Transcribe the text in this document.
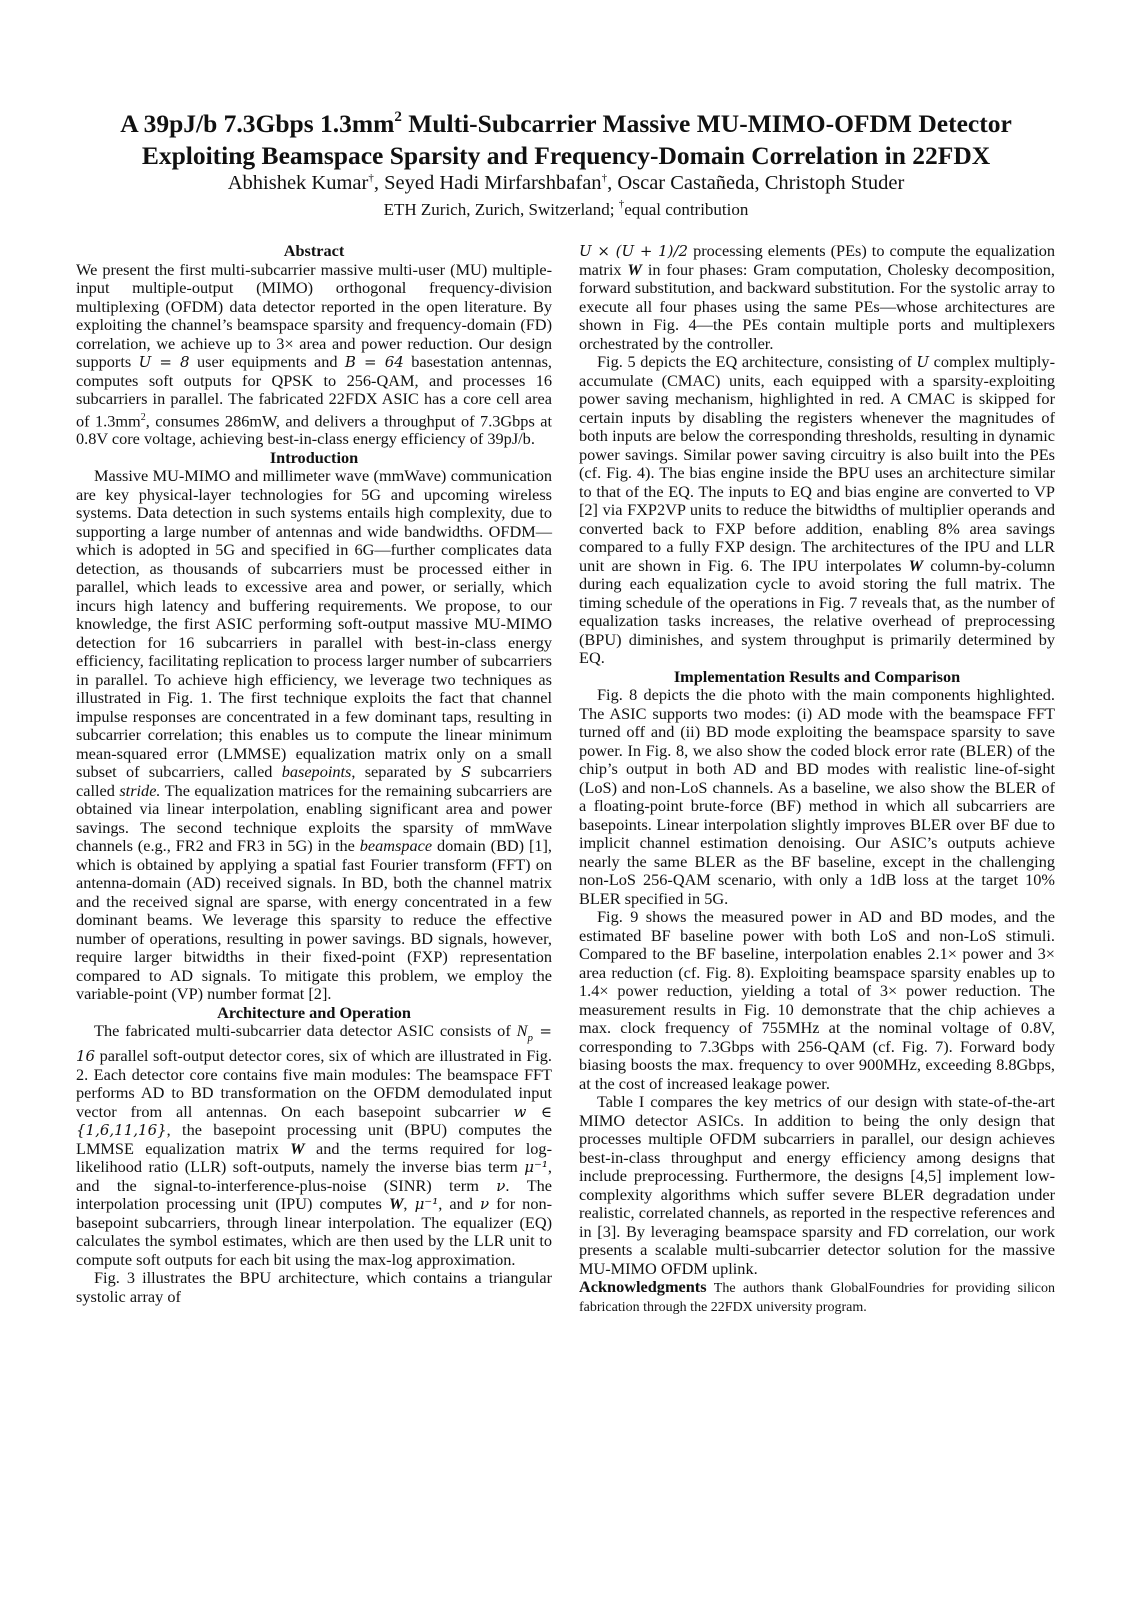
A 39pJ/b 7.3Gbps $1.3mm^2$ Multi-Subcarrier Massive MU-MIMO-OFDM Detector
Exploiting Beamspace Sparsity and Frequency-Domain Correlation in 22FDX
Abhishek Kumar†, Seyed Hadi Mirfarshbafan†, Oscar Castañeda, Christoph Studer
ETH Zurich, Zurich, Switzerland; †equal contribution
Abstract

We present the first multi-subcarrier massive multi-user (MU) multiple-input multiple-output (MIMO) orthogonal frequency-division multiplexing (OFDM) data detector reported in the open literature. By exploiting the channel’s beamspace sparsity and frequency-domain (FD) correlation, we achieve up to 3× area and power reduction. Our design supports U = 8 user equipments and B = 64 basestation antennas, computes soft outputs for QPSK to 256-QAM, and processes 16 subcarriers in parallel. The fabricated 22FDX ASIC has a core cell area of $1.3mm^2$, consumes 286mW, and delivers a throughput of 7.3Gbps at 0.8V core voltage, achieving best-in-class energy efficiency of 39pJ/b.

Introduction

Massive MU-MIMO and millimeter wave (mmWave) communication are key physical-layer technologies for 5G and upcoming wireless systems. Data detection in such systems entails high complexity, due to supporting a large number of antennas and wide bandwidths. OFDM—which is adopted in 5G and specified in 6G—further complicates data detection, as thousands of subcarriers must be processed either in parallel, which leads to excessive area and power, or serially, which incurs high latency and buffering requirements. We propose, to our knowledge, the first ASIC performing soft-output massive MU-MIMO detection for 16 subcarriers in parallel with best-in-class energy efficiency, facilitating replication to process larger number of subcarriers in parallel. To achieve high efficiency, we leverage two techniques as illustrated in Fig. 1. The first technique exploits the fact that channel impulse responses are concentrated in a few dominant taps, resulting in subcarrier correlation; this enables us to compute the linear minimum mean-squared error (LMMSE) equalization matrix only on a small subset of subcarriers, called basepoints, separated by S subcarriers called stride. The equalization matrices for the remaining subcarriers are obtained via linear interpolation, enabling significant area and power savings. The second technique exploits the sparsity of mmWave channels (e.g., FR2 and FR3 in 5G) in the beamspace domain (BD) [1], which is obtained by applying a spatial fast Fourier transform (FFT) on antenna-domain (AD) received signals. In BD, both the channel matrix and the received signal are sparse, with energy concentrated in a few dominant beams. We leverage this sparsity to reduce the effective number of operations, resulting in power savings. BD signals, however, require larger bitwidths in their fixed-point (FXP) representation compared to AD signals. To mitigate this problem, we employ the variable-point (VP) number format [2].

Architecture and Operation

The fabricated multi-subcarrier data detector ASIC consists of $N_p = 16$ parallel soft-output detector cores, six of which are illustrated in Fig. 2. Each detector core contains five main modules: The beamspace FFT performs AD to BD transformation on the OFDM demodulated input vector from all antennas. On each basepoint subcarrier w ∈ {1,6,11,16}, the basepoint processing unit (BPU) computes the LMMSE equalization matrix W and the terms required for log-likelihood ratio (LLR) soft-outputs, namely the inverse bias term μ⁻¹, and the signal-to-interference-plus-noise (SINR) term ν. The interpolation processing unit (IPU) computes W, μ⁻¹, and ν for non-basepoint subcarriers, through linear interpolation. The equalizer (EQ) calculates the symbol estimates, which are then used by the LLR unit to compute soft outputs for each bit using the max-log approximation.

Fig. 3 illustrates the BPU architecture, which contains a triangular systolic array of

U × (U + 1)/2 processing elements (PEs) to compute the equalization matrix W in four phases: Gram computation, Cholesky decomposition, forward substitution, and backward substitution. For the systolic array to execute all four phases using the same PEs—whose architectures are shown in Fig. 4—the PEs contain multiple ports and multiplexers orchestrated by the controller.

Fig. 5 depicts the EQ architecture, consisting of U complex multiply-accumulate (CMAC) units, each equipped with a sparsity-exploiting power saving mechanism, highlighted in red. A CMAC is skipped for certain inputs by disabling the registers whenever the magnitudes of both inputs are below the corresponding thresholds, resulting in dynamic power savings. Similar power saving circuitry is also built into the PEs (cf. Fig. 4). The bias engine inside the BPU uses an architecture similar to that of the EQ. The inputs to EQ and bias engine are converted to VP [2] via FXP2VP units to reduce the bitwidths of multiplier operands and converted back to FXP before addition, enabling 8% area savings compared to a fully FXP design. The architectures of the IPU and LLR unit are shown in Fig. 6. The IPU interpolates W column-by-column during each equalization cycle to avoid storing the full matrix. The timing schedule of the operations in Fig. 7 reveals that, as the number of equalization tasks increases, the relative overhead of preprocessing (BPU) diminishes, and system throughput is primarily determined by EQ.

Implementation Results and Comparison

Fig. 8 depicts the die photo with the main components highlighted. The ASIC supports two modes: (i) AD mode with the beamspace FFT turned off and (ii) BD mode exploiting the beamspace sparsity to save power. In Fig. 8, we also show the coded block error rate (BLER) of the chip’s output in both AD and BD modes with realistic line-of-sight (LoS) and non-LoS channels. As a baseline, we also show the BLER of a floating-point brute-force (BF) method in which all subcarriers are basepoints. Linear interpolation slightly improves BLER over BF due to implicit channel estimation denoising. Our ASIC’s outputs achieve nearly the same BLER as the BF baseline, except in the challenging non-LoS 256-QAM scenario, with only a 1dB loss at the target 10% BLER specified in 5G.

Fig. 9 shows the measured power in AD and BD modes, and the estimated BF baseline power with both LoS and non-LoS stimuli. Compared to the BF baseline, interpolation enables 2.1× power and 3× area reduction (cf. Fig. 8). Exploiting beamspace sparsity enables up to 1.4× power reduction, yielding a total of 3× power reduction. The measurement results in Fig. 10 demonstrate that the chip achieves a max. clock frequency of 755MHz at the nominal voltage of 0.8V, corresponding to 7.3Gbps with 256-QAM (cf. Fig. 7). Forward body biasing boosts the max. frequency to over 900MHz, exceeding 8.8Gbps, at the cost of increased leakage power.

Table I compares the key metrics of our design with state-of-the-art MIMO detector ASICs. In addition to being the only design that processes multiple OFDM subcarriers in parallel, our design achieves best-in-class throughput and energy efficiency among designs that include preprocessing. Furthermore, the designs [4,5] implement low-complexity algorithms which suffer severe BLER degradation under realistic, correlated channels, as reported in the respective references and in [3]. By leveraging beamspace sparsity and FD correlation, our work presents a scalable multi-subcarrier detector solution for the massive MU-MIMO OFDM uplink.

Acknowledgments The authors thank GlobalFoundries for providing silicon fabrication through the 22FDX university program.
